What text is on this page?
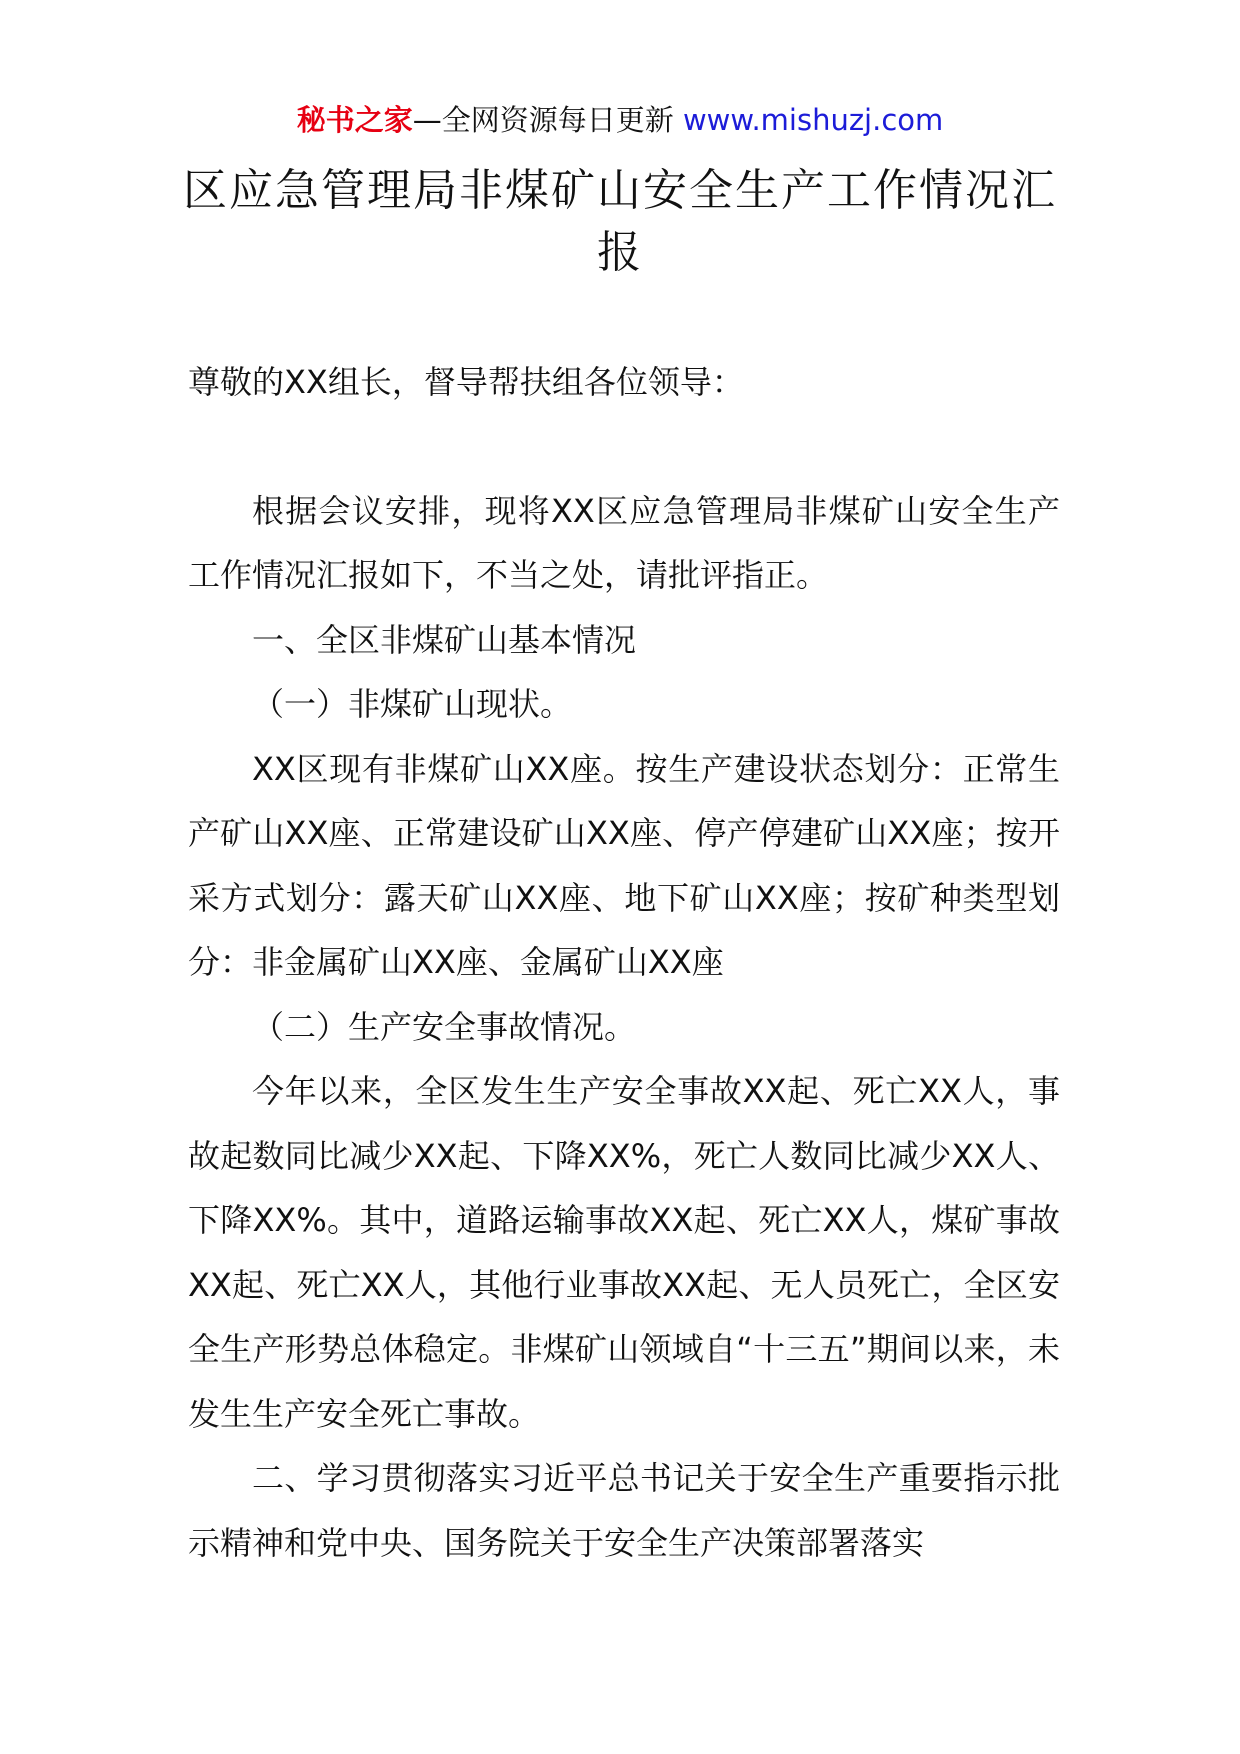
秘书之家—全网资源每日更新 www.mishuzj.com
区应急管理局非煤矿山安全生产工作情况汇报

尊敬的XX组长，督导帮扶组各位领导：

根据会议安排，现将XX区应急管理局非煤矿山安全生产工作情况汇报如下，不当之处，请批评指正。

一、全区非煤矿山基本情况

（一）非煤矿山现状。

XX区现有非煤矿山XX座。按生产建设状态划分：正常生产矿山XX座、正常建设矿山XX座、停产停建矿山XX座；按开采方式划分：露天矿山XX座、地下矿山XX座；按矿种类型划分：非金属矿山XX座、金属矿山XX座

（二）生产安全事故情况。

今年以来，全区发生生产安全事故XX起、死亡XX人，事故起数同比减少XX起、下降XX%，死亡人数同比减少XX人、下降XX%。其中，道路运输事故XX起、死亡XX人，煤矿事故XX起、死亡XX人，其他行业事故XX起、无人员死亡，全区安全生产形势总体稳定。非煤矿山领域自“十三五”期间以来，未发生生产安全死亡事故。

二、学习贯彻落实习近平总书记关于安全生产重要指示批示精神和党中央、国务院关于安全生产决策部署落实
